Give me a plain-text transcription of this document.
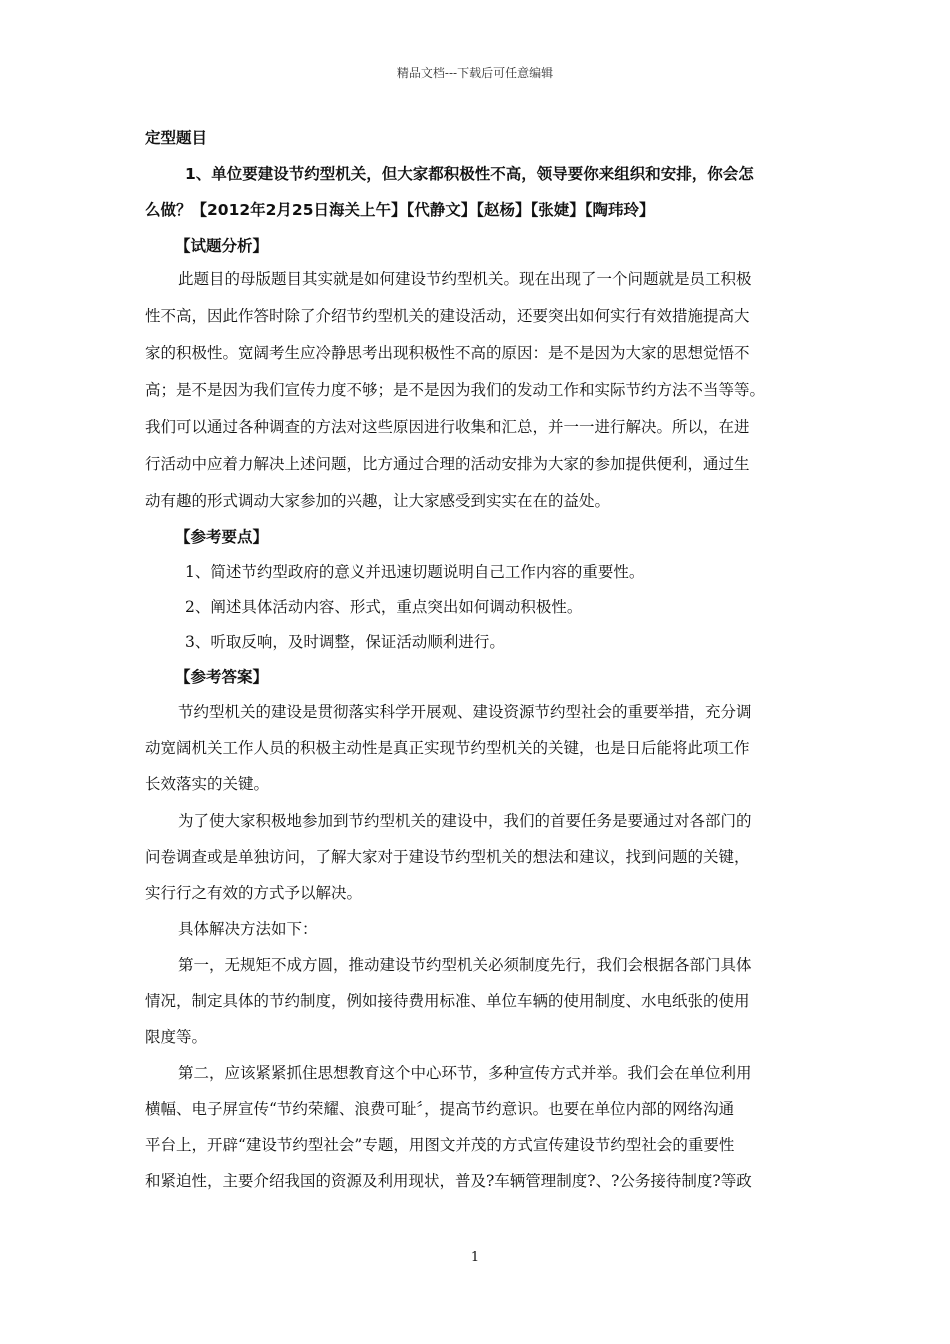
精品文档---下载后可任意编辑
定型题目
1、单位要建设节约型机关，但大家都积极性不高，领导要你来组织和安排，你会怎
么做？【2012年2月25日海关上午】【代静文】【赵杨】【张婕】【陶玮玲】
【试题分析】
此题目的母版题目其实就是如何建设节约型机关。现在出现了一个问题就是员工积极
性不高，因此作答时除了介绍节约型机关的建设活动，还要突出如何实行有效措施提高大
家的积极性。宽阔考生应冷静思考出现积极性不高的原因：是不是因为大家的思想觉悟不
高；是不是因为我们宣传力度不够；是不是因为我们的发动工作和实际节约方法不当等等。
我们可以通过各种调查的方法对这些原因进行收集和汇总，并一一进行解决。所以，在进
行活动中应着力解决上述问题，比方通过合理的活动安排为大家的参加提供便利，通过生
动有趣的形式调动大家参加的兴趣，让大家感受到实实在在的益处。
【参考要点】
1、简述节约型政府的意义并迅速切题说明自己工作内容的重要性。
2、阐述具体活动内容、形式，重点突出如何调动积极性。
3、听取反响，及时调整，保证活动顺利进行。
【参考答案】
节约型机关的建设是贯彻落实科学开展观、建设资源节约型社会的重要举措，充分调
动宽阔机关工作人员的积极主动性是真正实现节约型机关的关键，也是日后能将此项工作
长效落实的关键。
为了使大家积极地参加到节约型机关的建设中，我们的首要任务是要通过对各部门的
问卷调查或是单独访问，了解大家对于建设节约型机关的想法和建议，找到问题的关键，
实行行之有效的方式予以解决。
具体解决方法如下：
第一，无规矩不成方圆，推动建设节约型机关必须制度先行，我们会根据各部门具体
情况，制定具体的节约制度，例如接待费用标准、单位车辆的使用制度、水电纸张的使用
限度等。
第二，应该紧紧抓住思想教育这个中心环节，多种宣传方式并举。我们会在单位利用
横幅、电子屏宣传“节约荣耀、浪费可耻〞，提高节约意识。也要在单位内部的网络沟通
平台上，开辟“建设节约型社会”专题，用图文并茂的方式宣传建设节约型社会的重要性
和紧迫性，主要介绍我国的资源及利用现状，普及?车辆管理制度?、?公务接待制度?等政
1
